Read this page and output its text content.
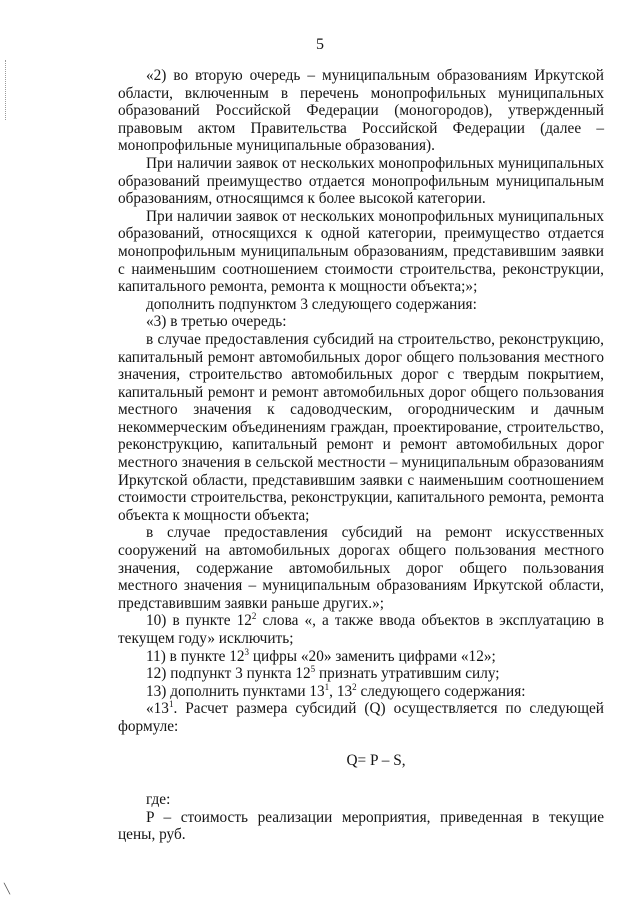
5

«2) во вторую очередь – муниципальным образованиям Иркутской области, включенным в перечень монопрофильных муниципальных образований Российской Федерации (моногородов), утвержденный правовым актом Правительства Российской Федерации (далее – монопрофильные муниципальные образования).

При наличии заявок от нескольких монопрофильных муниципальных образований преимущество отдается монопрофильным муниципальным образованиям, относящимся к более высокой категории.

При наличии заявок от нескольких монопрофильных муниципальных образований, относящихся к одной категории, преимущество отдается монопрофильным муниципальным образованиям, представившим заявки с наименьшим соотношением стоимости строительства, реконструкции, капитального ремонта, ремонта к мощности объекта;»;

дополнить подпунктом 3 следующего содержания:

«3) в третью очередь:

в случае предоставления субсидий на строительство, реконструкцию, капитальный ремонт автомобильных дорог общего пользования местного значения, строительство автомобильных дорог с твердым покрытием, капитальный ремонт и ремонт автомобильных дорог общего пользования местного значения к садоводческим, огородническим и дачным некоммерческим объединениям граждан, проектирование, строительство, реконструкцию, капитальный ремонт и ремонт автомобильных дорог местного значения в сельской местности – муниципальным образованиям Иркутской области, представившим заявки с наименьшим соотношением стоимости строительства, реконструкции, капитального ремонта, ремонта объекта к мощности объекта;

в случае предоставления субсидий на ремонт искусственных сооружений на автомобильных дорогах общего пользования местного значения, содержание автомобильных дорог общего пользования местного значения – муниципальным образованиям Иркутской области, представившим заявки раньше других.»;

10) в пункте $12^2$ слова «, а также ввода объектов в эксплуатацию в текущем году» исключить;

11) в пункте $12^3$ цифры «20» заменить цифрами «12»;

12) подпункт 3 пункта $12^5$ признать утратившим силу;

13) дополнить пунктами $13^1$, $13^2$ следующего содержания:

«$13^1$. Расчет размера субсидий (Q) осуществляется по следующей формуле:

Q= P – S,

где:

P – стоимость реализации мероприятия, приведенная в текущие цены, руб.

╲
